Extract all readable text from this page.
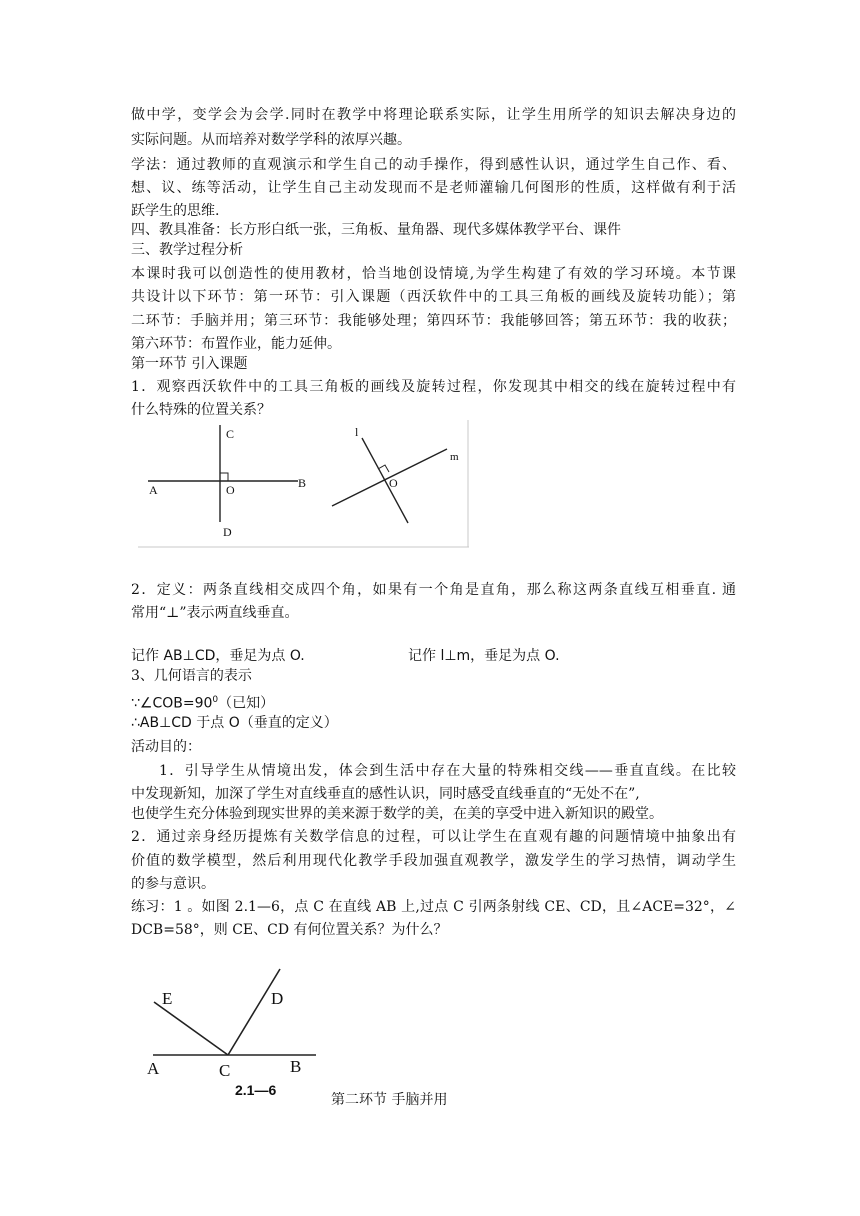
做中学，变学会为会学.同时在教学中将理论联系实际，让学生用所学的知识去解决身边的
实际问题。从而培养对数学学科的浓厚兴趣。
学法：通过教师的直观演示和学生自己的动手操作，得到感性认识，通过学生自己作、看、
想、议、练等活动，让学生自己主动发现而不是老师灌输几何图形的性质，这样做有利于活
跃学生的思维.
四、教具准备：长方形白纸一张，三角板、量角器、现代多媒体教学平台、课件
三、教学过程分析
本课时我可以创造性的使用教材，恰当地创设情境,为学生构建了有效的学习环境。本节课
共设计以下环节：第一环节：引入课题（西沃软件中的工具三角板的画线及旋转功能）；第
二环节：手脑并用；第三环节：我能够处理；第四环节：我能够回答；第五环节：我的收获；
第六环节：布置作业，能力延伸。
第一环节 引入课题
1．观察西沃软件中的工具三角板的画线及旋转过程，你发现其中相交的线在旋转过程中有
什么特殊的位置关系？
C
A	O	B
D
l
m
O
2．定义：两条直线相交成四个角，如果有一个角是直角，那么称这两条直线互相垂直. 通
常用“⊥”表示两直线垂直。
记作 AB⊥CD，垂足为点 O.	记作 l⊥m，垂足为点 O.
3、几何语言的表示
$\because\angle COB=90^0$（已知）
∴AB⊥CD 于点 O（垂直的定义）
活动目的：
1．引导学生从情境出发，体会到生活中存在大量的特殊相交线——垂直直线。在比较
中发现新知，加深了学生对直线垂直的感性认识，同时感受直线垂直的“无处不在”,
也使学生充分体验到现实世界的美来源于数学的美，在美的享受中进入新知识的殿堂。
2．通过亲身经历提炼有关数学信息的过程，可以让学生在直观有趣的问题情境中抽象出有
价值的数学模型，然后利用现代化教学手段加强直观教学，激发学生的学习热情，调动学生
的参与意识。
练习：1 。如图 2.1—6，点 C 在直线 AB 上,过点 C 引两条射线 CE、CD，且∠ACE=32°，∠
DCB=58°，则 CE、CD 有何位置关系？为什么？
E	D
A	C	B
2.1—6
第二环节 手脑并用
